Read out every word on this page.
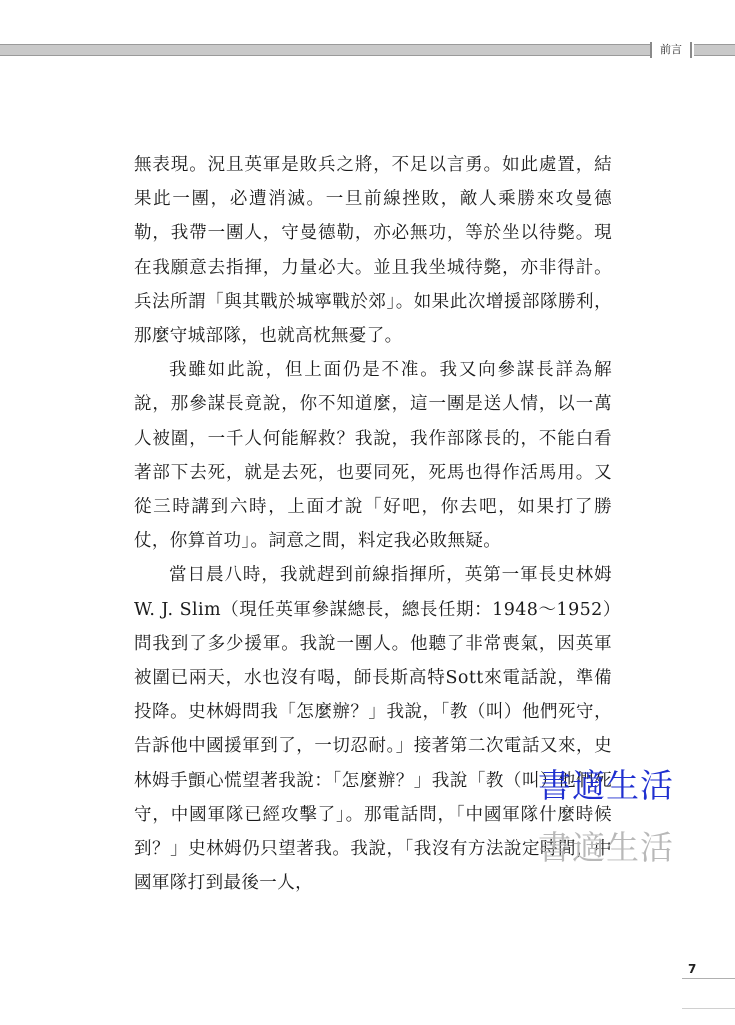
前言

無表現。況且英軍是敗兵之將，不足以言勇。如此處置，結果此一團，必遭消滅。一旦前線挫敗，敵人乘勝來攻曼德勒，我帶一團人，守曼德勒，亦必無功，等於坐以待斃。現在我願意去指揮，力量必大。並且我坐城待斃，亦非得計。兵法所謂「與其戰於城寧戰於郊」。如果此次增援部隊勝利，那麼守城部隊，也就高枕無憂了。

我雖如此說，但上面仍是不准。我又向參謀長詳為解說，那參謀長竟說，你不知道麼，這一團是送人情，以一萬人被圍，一千人何能解救？我說，我作部隊長的，不能白看著部下去死，就是去死，也要同死，死馬也得作活馬用。又從三時講到六時，上面才說「好吧，你去吧，如果打了勝仗，你算首功」。詞意之間，料定我必敗無疑。

當日晨八時，我就趕到前線指揮所，英第一軍長史林姆W. J. Slim（現任英軍參謀總長，總長任期：1948～1952）問我到了多少援軍。我說一團人。他聽了非常喪氣，因英軍被圍已兩天，水也沒有喝，師長斯高特Sott來電話說，準備投降。史林姆問我「怎麼辦？」我說，「教（叫）他們死守，告訴他中國援軍到了，一切忍耐。」接著第二次電話又來，史林姆手顫心慌望著我說：「怎麼辦？」我說「教（叫）他們死守，中國軍隊已經攻擊了」。那電話問，「中國軍隊什麼時候到？」史林姆仍只望著我。我說，「我沒有方法說定時間，中國軍隊打到最後一人，

書適生活
書適生活
7
